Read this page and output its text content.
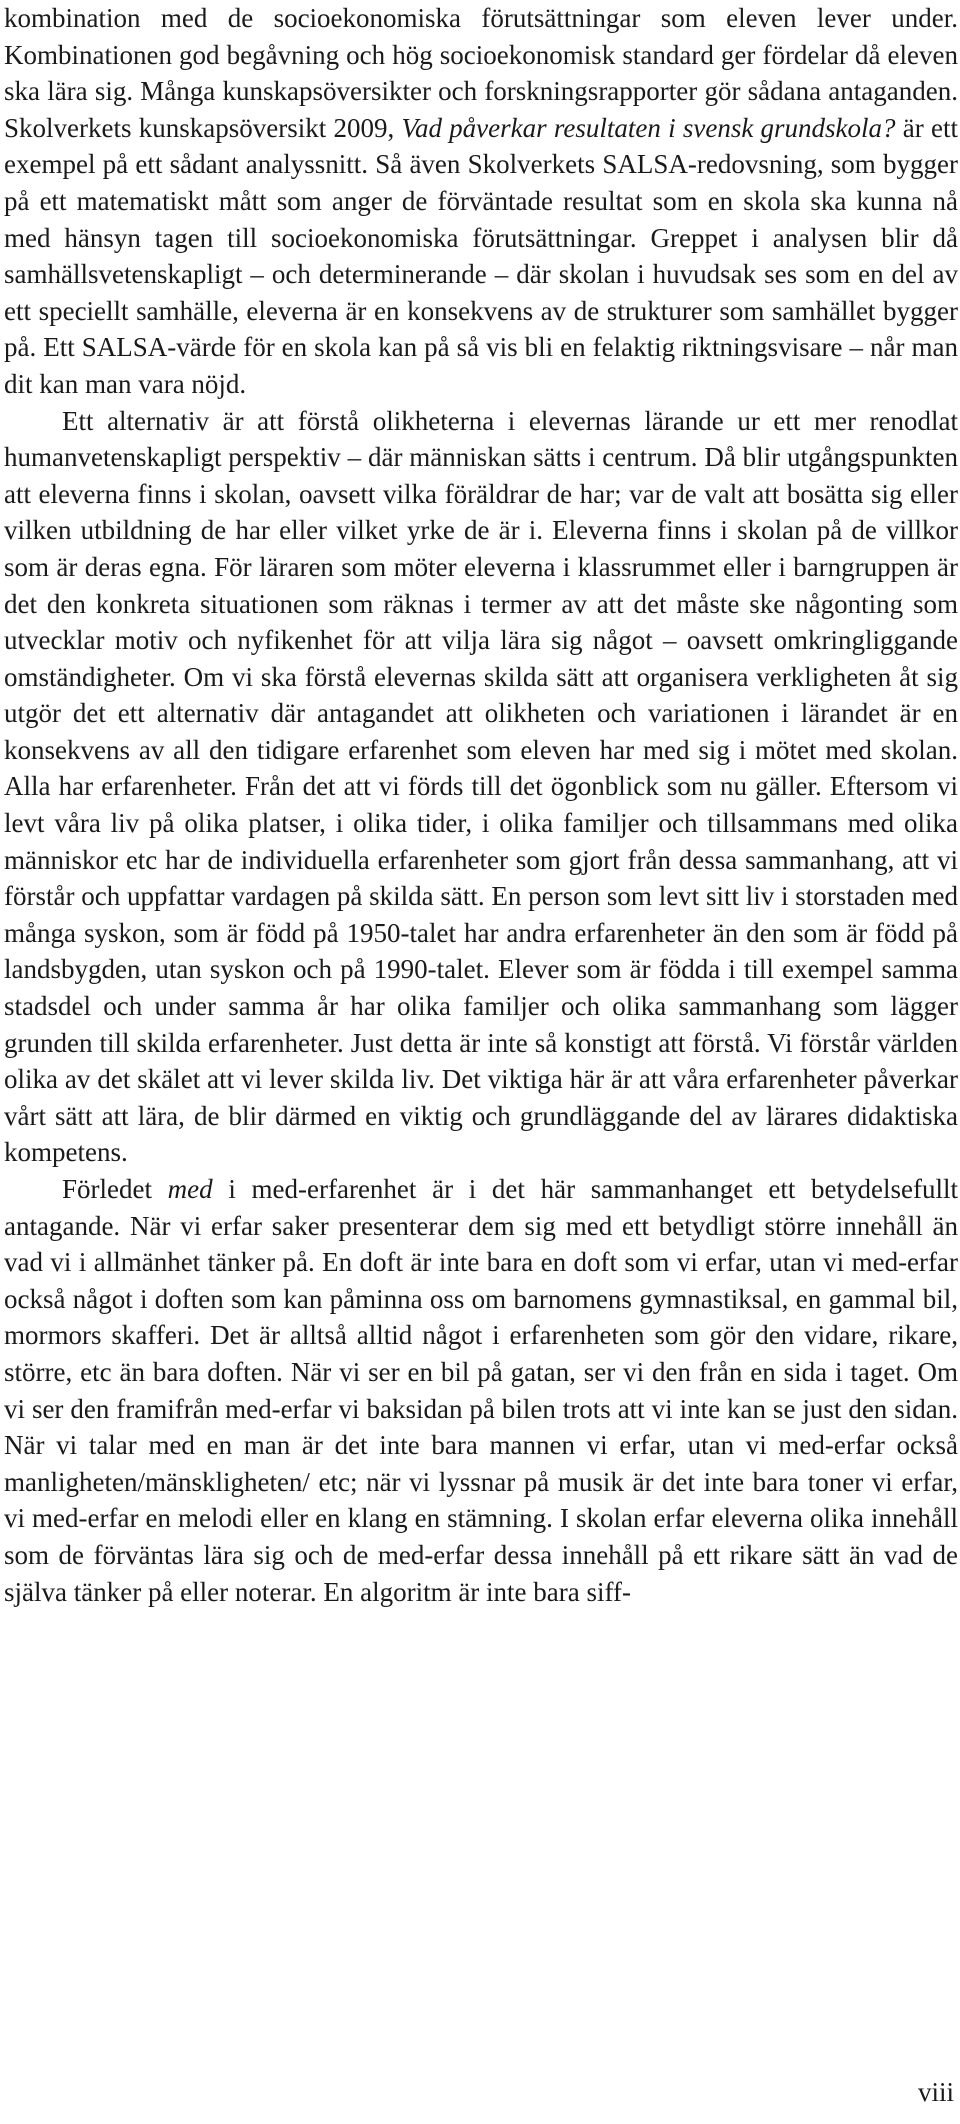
kombination med de socioekonomiska förutsättningar som eleven lever under. Kombinationen god begåvning och hög socioekonomisk standard ger fördelar då eleven ska lära sig. Många kunskapsöversikter och forskningsrapporter gör sådana antaganden. Skolverkets kunskapsöversikt 2009, Vad påverkar resultaten i svensk grundskola? är ett exempel på ett sådant analyssnitt. Så även Skolverkets SALSA-redovsning, som bygger på ett matematiskt mått som anger de förväntade resultat som en skola ska kunna nå med hänsyn tagen till socioekonomiska förutsättningar. Greppet i analysen blir då samhällsvetenskapligt – och determinerande – där skolan i huvudsak ses som en del av ett speciellt samhälle, eleverna är en konsekvens av de strukturer som samhället bygger på. Ett SALSA-värde för en skola kan på så vis bli en felaktig riktningsvisare – når man dit kan man vara nöjd.

Ett alternativ är att förstå olikheterna i elevernas lärande ur ett mer renodlat humanvetenskapligt perspektiv – där människan sätts i centrum. Då blir utgångspunkten att eleverna finns i skolan, oavsett vilka föräldrar de har; var de valt att bosätta sig eller vilken utbildning de har eller vilket yrke de är i. Eleverna finns i skolan på de villkor som är deras egna. För läraren som möter eleverna i klassrummet eller i barngruppen är det den konkreta situationen som räknas i termer av att det måste ske någonting som utvecklar motiv och nyfikenhet för att vilja lära sig något – oavsett omkringliggande omständigheter. Om vi ska förstå elevernas skilda sätt att organisera verkligheten åt sig utgör det ett alternativ där antagandet att olikheten och variationen i lärandet är en konsekvens av all den tidigare erfarenhet som eleven har med sig i mötet med skolan. Alla har erfarenheter. Från det att vi förds till det ögonblick som nu gäller. Eftersom vi levt våra liv på olika platser, i olika tider, i olika familjer och tillsammans med olika människor etc har de individuella erfarenheter som gjort från dessa sammanhang, att vi förstår och uppfattar vardagen på skilda sätt. En person som levt sitt liv i storstaden med många syskon, som är född på 1950-talet har andra erfarenheter än den som är född på landsbygden, utan syskon och på 1990-talet. Elever som är födda i till exempel samma stadsdel och under samma år har olika familjer och olika sammanhang som lägger grunden till skilda erfarenheter. Just detta är inte så konstigt att förstå. Vi förstår världen olika av det skälet att vi lever skilda liv. Det viktiga här är att våra erfarenheter påverkar vårt sätt att lära, de blir därmed en viktig och grundläggande del av lärares didaktiska kompetens.

Förledet med i med-erfarenhet är i det här sammanhanget ett betydelsefullt antagande. När vi erfar saker presenterar dem sig med ett betydligt större innehåll än vad vi i allmänhet tänker på. En doft är inte bara en doft som vi erfar, utan vi med-erfar också något i doften som kan påminna oss om barnomens gymnastiksal, en gammal bil, mormors skafferi. Det är alltså alltid något i erfarenheten som gör den vidare, rikare, större, etc än bara doften. När vi ser en bil på gatan, ser vi den från en sida i taget. Om vi ser den framifrån med-erfar vi baksidan på bilen trots att vi inte kan se just den sidan. När vi talar med en man är det inte bara mannen vi erfar, utan vi med-erfar också manligheten/mänskligheten/ etc; när vi lyssnar på musik är det inte bara toner vi erfar, vi med-erfar en melodi eller en klang en stämning. I skolan erfar eleverna olika innehåll som de förväntas lära sig och de med-erfar dessa innehåll på ett rikare sätt än vad de själva tänker på eller noterar. En algoritm är inte bara siff-

viii
